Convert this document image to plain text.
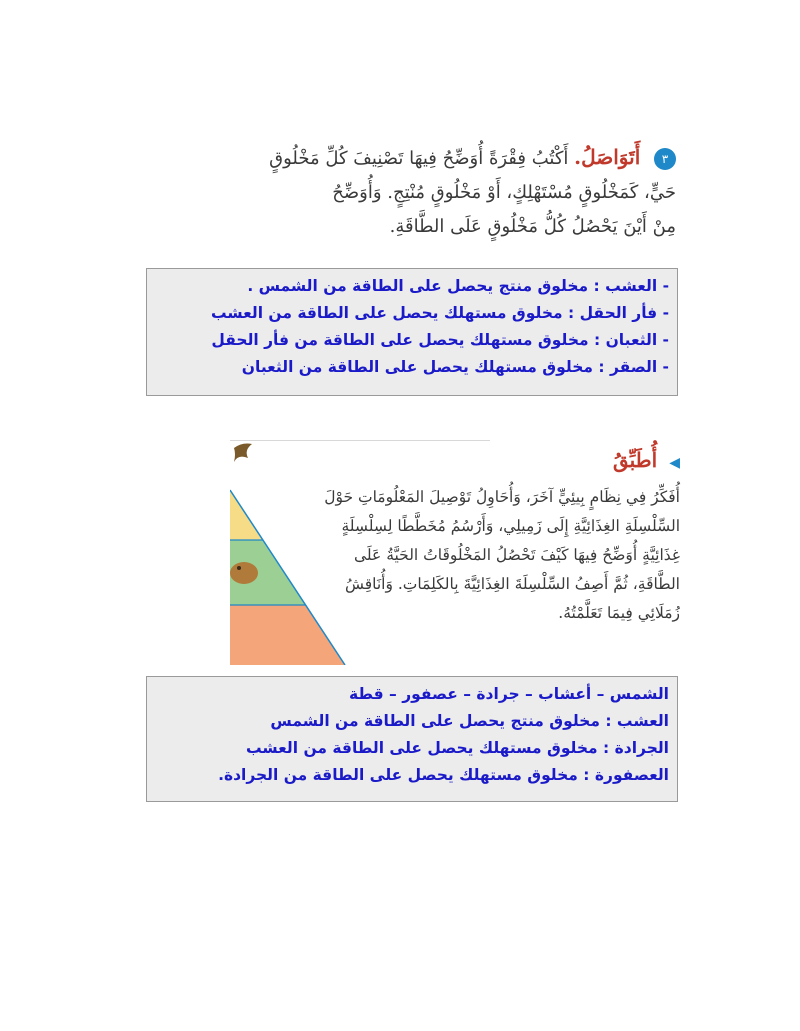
٣ أَتَوَاصَلُ. أَكْتُبُ فِقْرَةً أُوَضِّحُ فِيهَا تَصْنِيفَ كُلِّ مَخْلُوقٍ
حَيٍّ، كَمَخْلُوقٍ مُسْتَهْلِكٍ، أَوْ مَخْلُوقٍ مُنْتِجٍ. وَأُوَضِّحُ
مِنْ أَيْنَ يَحْصُلُ كُلُّ مَخْلُوقٍ عَلَى الطَّاقَةِ.
- العشب : مخلوق منتج يحصل على الطاقة من الشمس .
- فأر الحقل : مخلوق مستهلك يحصل على الطاقة من العشب
- الثعبان : مخلوق مستهلك يحصل على الطاقة من فأر الحقل
- الصقر : مخلوق مستهلك يحصل على الطاقة من الثعبان
◀ أُطَبِّقُ
أُفَكِّرُ فِي نِظَامٍ بِيئِيٍّ آخَرَ، وَأُحَاوِلُ تَوْصِيلَ المَعْلُومَاتِ حَوْلَ
السِّلْسِلَةِ الغِذَائِيَّةِ إِلَى زَمِيلِي، وَأَرْسُمُ مُخَطَّطًا لِسِلْسِلَةٍ
غِذَائِيَّةٍ أُوَضِّحُ فِيهَا كَيْفَ تَحْصُلُ المَخْلُوقَاتُ الحَيَّةُ عَلَى
الطَّاقَةِ، ثُمَّ أَصِفُ السِّلْسِلَةَ الغِذَائِيَّةَ بِالكَلِمَاتِ. وَأُنَاقِشُ
زُمَلَائِي فِيمَا تَعَلَّمْتُهُ.
الشمس – أعشاب – جرادة – عصفور – قطة
العشب : مخلوق منتج يحصل على الطاقة من الشمس
الجرادة : مخلوق مستهلك يحصل على الطاقة من العشب
العصفورة : مخلوق مستهلك يحصل على الطاقة من الجرادة.
